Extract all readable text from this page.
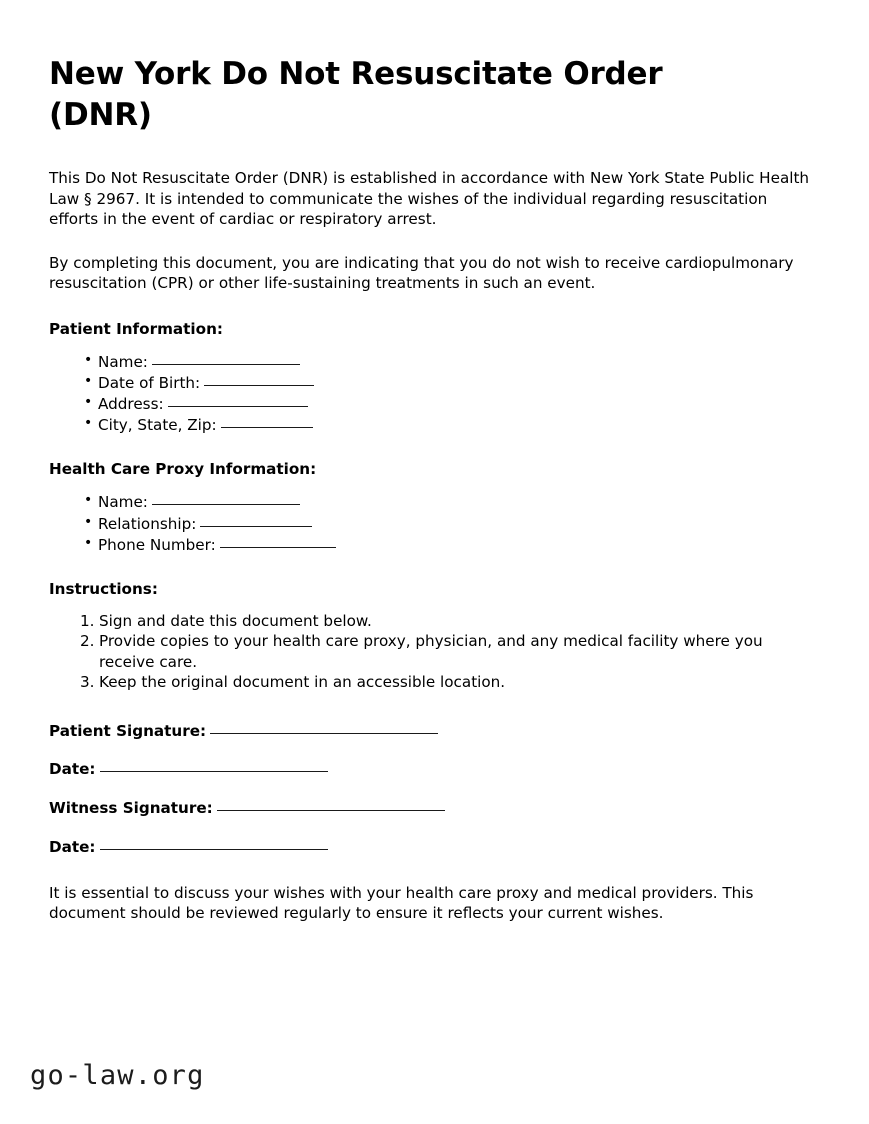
New York Do Not Resuscitate Order (DNR)

This Do Not Resuscitate Order (DNR) is established in accordance with New York State Public Health Law § 2967. It is intended to communicate the wishes of the individual regarding resuscitation efforts in the event of cardiac or respiratory arrest.

By completing this document, you are indicating that you do not wish to receive cardiopulmonary resuscitation (CPR) or other life-sustaining treatments in such an event.

Patient Information:
• Name:
• Date of Birth:
• Address:
• City, State, Zip:
Health Care Proxy Information:
• Name:
• Relationship:
• Phone Number:
Instructions:
Sign and date this document below.
Provide copies to your health care proxy, physician, and any medical facility where you receive care.
Keep the original document in an accessible location.
Patient Signature:
Date:
Witness Signature:
Date:

It is essential to discuss your wishes with your health care proxy and medical providers. This document should be reviewed regularly to ensure it reflects your current wishes.

go-law.org
